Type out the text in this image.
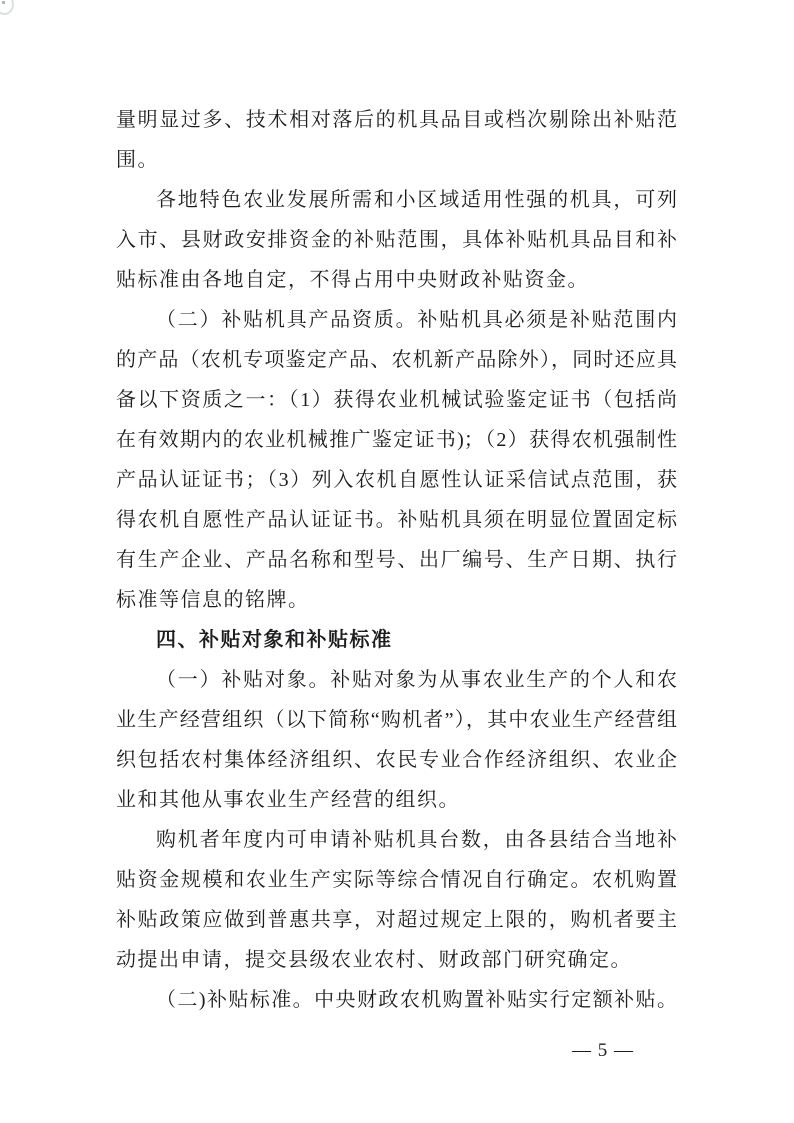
量明显过多、技术相对落后的机具品目或档次剔除出补贴范
围。
各地特色农业发展所需和小区域适用性强的机具，可列
入市、县财政安排资金的补贴范围，具体补贴机具品目和补
贴标准由各地自定，不得占用中央财政补贴资金。
（二）补贴机具产品资质。补贴机具必须是补贴范围内
的产品（农机专项鉴定产品、农机新产品除外），同时还应具
备以下资质之一：（1）获得农业机械试验鉴定证书（包括尚
在有效期内的农业机械推广鉴定证书)；（2）获得农机强制性
产品认证证书；（3）列入农机自愿性认证采信试点范围，获
得农机自愿性产品认证证书。补贴机具须在明显位置固定标
有生产企业、产品名称和型号、出厂编号、生产日期、执行
标准等信息的铭牌。
四、补贴对象和补贴标准
（一）补贴对象。补贴对象为从事农业生产的个人和农
业生产经营组织（以下简称“购机者”），其中农业生产经营组
织包括农村集体经济组织、农民专业合作经济组织、农业企
业和其他从事农业生产经营的组织。
购机者年度内可申请补贴机具台数，由各县结合当地补
贴资金规模和农业生产实际等综合情况自行确定。农机购置
补贴政策应做到普惠共享，对超过规定上限的，购机者要主
动提出申请，提交县级农业农村、财政部门研究确定。
（二)补贴标准。中央财政农机购置补贴实行定额补贴。
— 5 —
